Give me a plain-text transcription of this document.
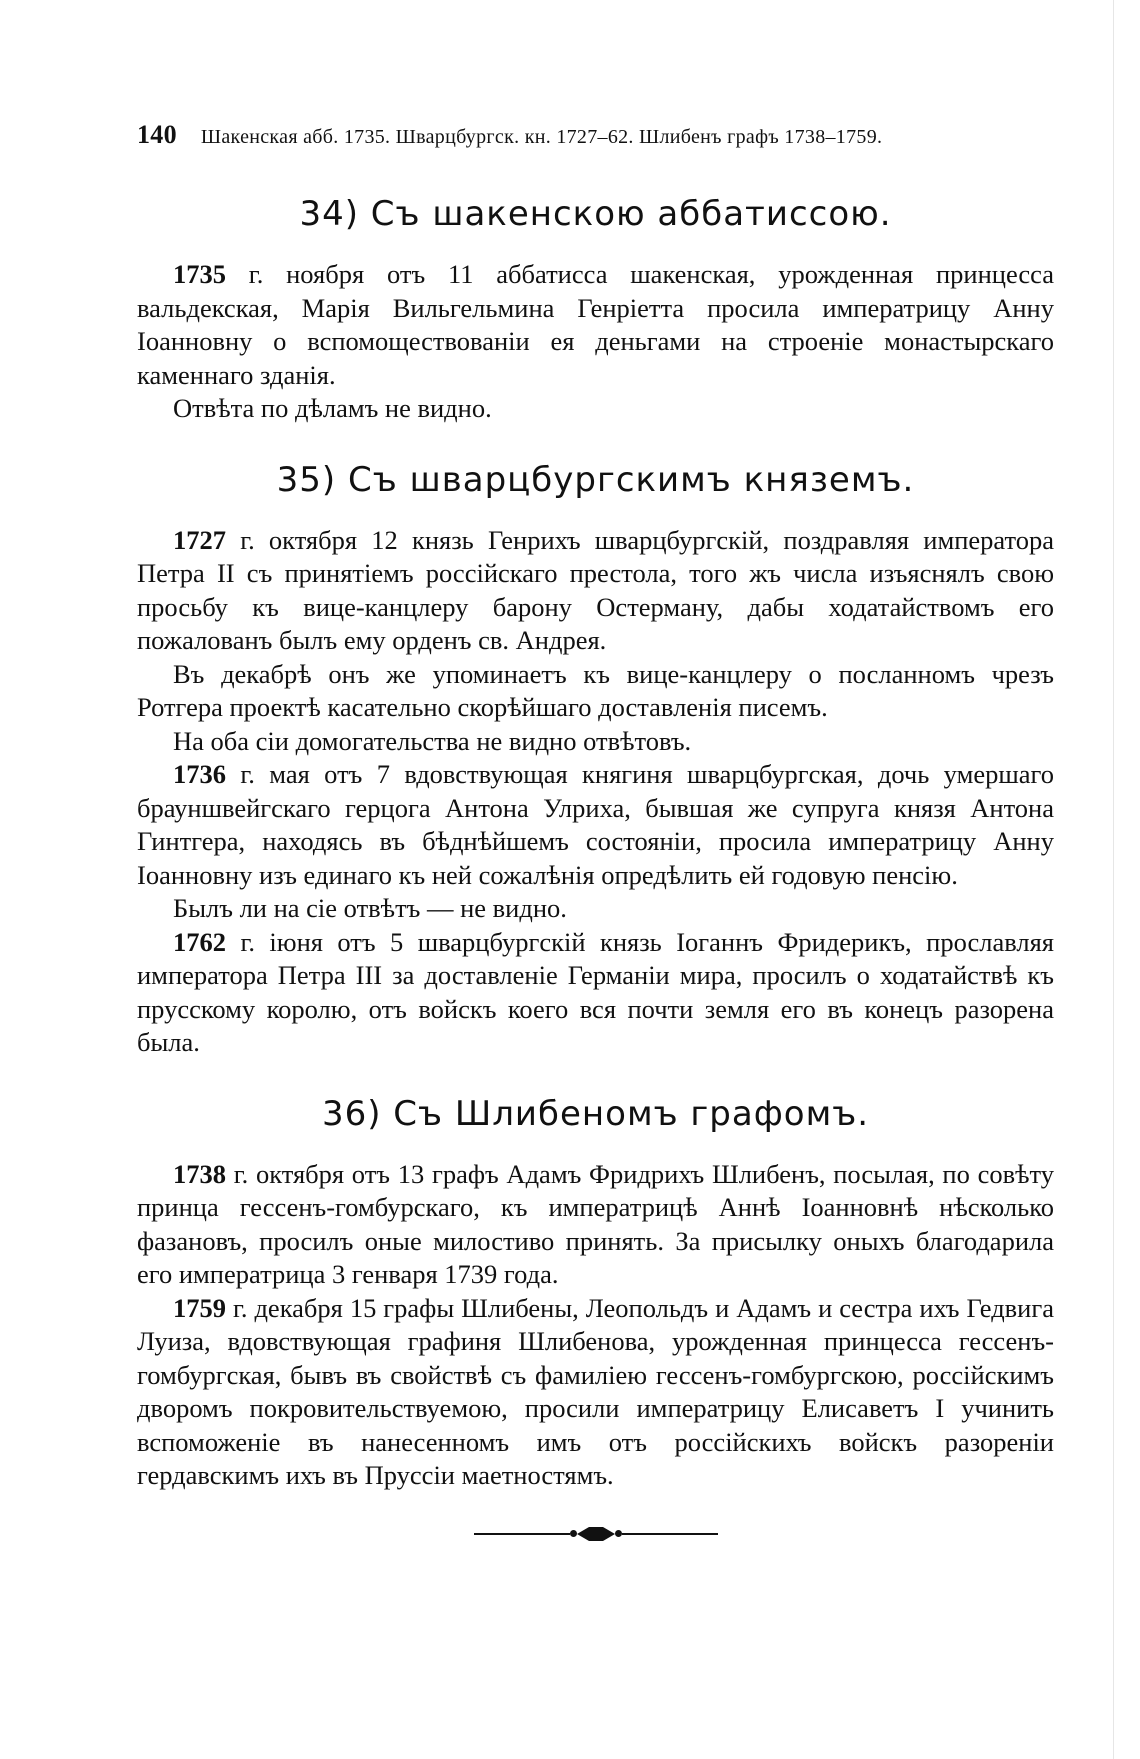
140 Шакенская абб. 1735. Шварцбургск. кн. 1727–62. Шлибенъ графъ 1738–1759.
34) Съ шакенскою аббатиссою.

1735 г. ноября отъ 11 аббатисса шакенская, урожденная принцесса вальдекская, Марія Вильгельмина Генріетта просила императрицу Анну Іоанновну о вспомоществованіи ея деньгами на строеніе монастырскаго каменнаго зданія.

Отвѣта по дѣламъ не видно.

35) Съ шварцбургскимъ княземъ.

1727 г. октября 12 князь Генрихъ шварцбургскій, поздравляя императора Петра II съ принятіемъ россійскаго престола, того жъ числа изъяснялъ свою просьбу къ вице-канцлеру барону Остерману, дабы ходатайствомъ его пожалованъ былъ ему орденъ св. Андрея.

Въ декабрѣ онъ же упоминаетъ къ вице-канцлеру о посланномъ чрезъ Ротгера проектѣ касательно скорѣйшаго доставленія писемъ.

На оба сіи домогательства не видно отвѣтовъ.

1736 г. мая отъ 7 вдовствующая княгиня шварцбургская, дочь умершаго брауншвейгскаго герцога Антона Улриха, бывшая же супруга князя Антона Гинтгера, находясь въ бѣднѣйшемъ состояніи, просила императрицу Анну Іоанновну изъ единаго къ ней сожалѣнія опредѣлить ей годовую пенсію.

Былъ ли на сіе отвѣтъ — не видно.

1762 г. іюня отъ 5 шварцбургскій князь Іоганнъ Фридерикъ, прославляя императора Петра III за доставленіе Германіи мира, просилъ о ходатайствѣ къ прусскому королю, отъ войскъ коего вся почти земля его въ конецъ разорена была.

36) Съ Шлибеномъ графомъ.

1738 г. октября отъ 13 графъ Адамъ Фридрихъ Шлибенъ, посылая, по совѣту принца гессенъ-гомбурскаго, къ императрицѣ Аннѣ Іоанновнѣ нѣсколько фазановъ, просилъ оные милостиво принять. За присылку оныхъ благодарила его императрица 3 генваря 1739 года.

1759 г. декабря 15 графы Шлибены, Леопольдъ и Адамъ и сестра ихъ Гедвига Луиза, вдовствующая графиня Шлибенова, урожденная принцесса гессенъ-гомбургская, бывъ въ свойствѣ съ фамиліею гессенъ-гомбургскою, россійскимъ дворомъ покровительствуемою, просили императрицу Елисаветъ I учинить вспоможеніе въ нанесенномъ имъ отъ россійскихъ войскъ разореніи гердавскимъ ихъ въ Пруссіи маетностямъ.
